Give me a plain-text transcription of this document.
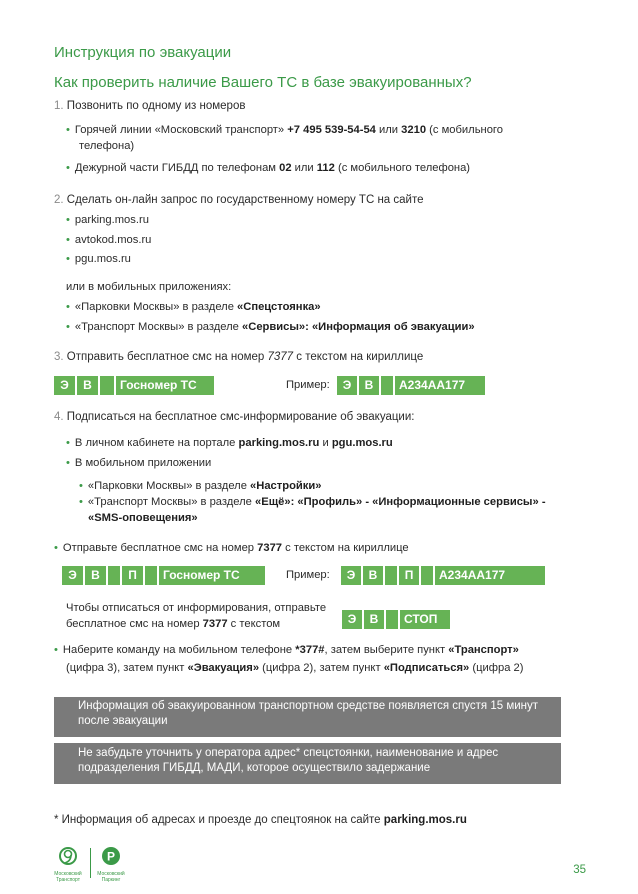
Инструкция по эвакуации
Как проверить наличие Вашего ТС в базе эвакуированных?
1. Позвонить по одному из номеров
• Горячей линии «Московский транспорт» +7 495 539-54-54 или 3210 (с мобильного
телефона)
• Дежурной части ГИБДД по телефонам 02 или 112 (с мобильного телефона)
2. Сделать он-лайн запрос по государственному номеру ТС на сайте
• parking.mos.ru
• avtokod.mos.ru
• pgu.mos.ru
или в мобильных приложениях:
• «Парковки Москвы» в разделе «Спецстоянка»
• «Транспорт Москвы» в разделе «Сервисы»: «Информация об эвакуации»
3. Отправить бесплатное смс на номер 7377 с текстом на кириллице
Э	В	Госномер ТС	Пример:	Э	В	А234АА177
4. Подписаться на бесплатное смс-информирование об эвакуации:
• В личном кабинете на портале parking.mos.ru и pgu.mos.ru
• В мобильном приложении
• «Парковки Москвы» в разделе «Настройки»
• «Транспорт Москвы» в разделе «Ещё»: «Профиль» - «Информационные сервисы» -
«SMS-оповещения»
• Отправьте бесплатное смс на номер 7377 с текстом на кириллице
Э	В	П	Госномер ТС	Пример:	Э	В	П	А234АА177
Чтобы отписаться от информирования, отправьте
бесплатное смс на номер 7377 с текстом	Э	В	СТОП
• Наберите команду на мобильном телефоне *377#, затем выберите пункт «Транспорт»
(цифра 3), затем пункт «Эвакуация» (цифра 2), затем пункт «Подписаться» (цифра 2)
Информация об эвакуированном транспортном средстве появляется спустя 15 минут
после эвакуации
Не забудьте уточнить у оператора адрес* спецстоянки, наименование и адрес
подразделения ГИБДД, МАДИ, которое осуществило задержание
* Информация об адресах и проезде до спецтоянок на сайте parking.mos.ru
Московский
Транспорт
P
Московский
Паркинг
35
